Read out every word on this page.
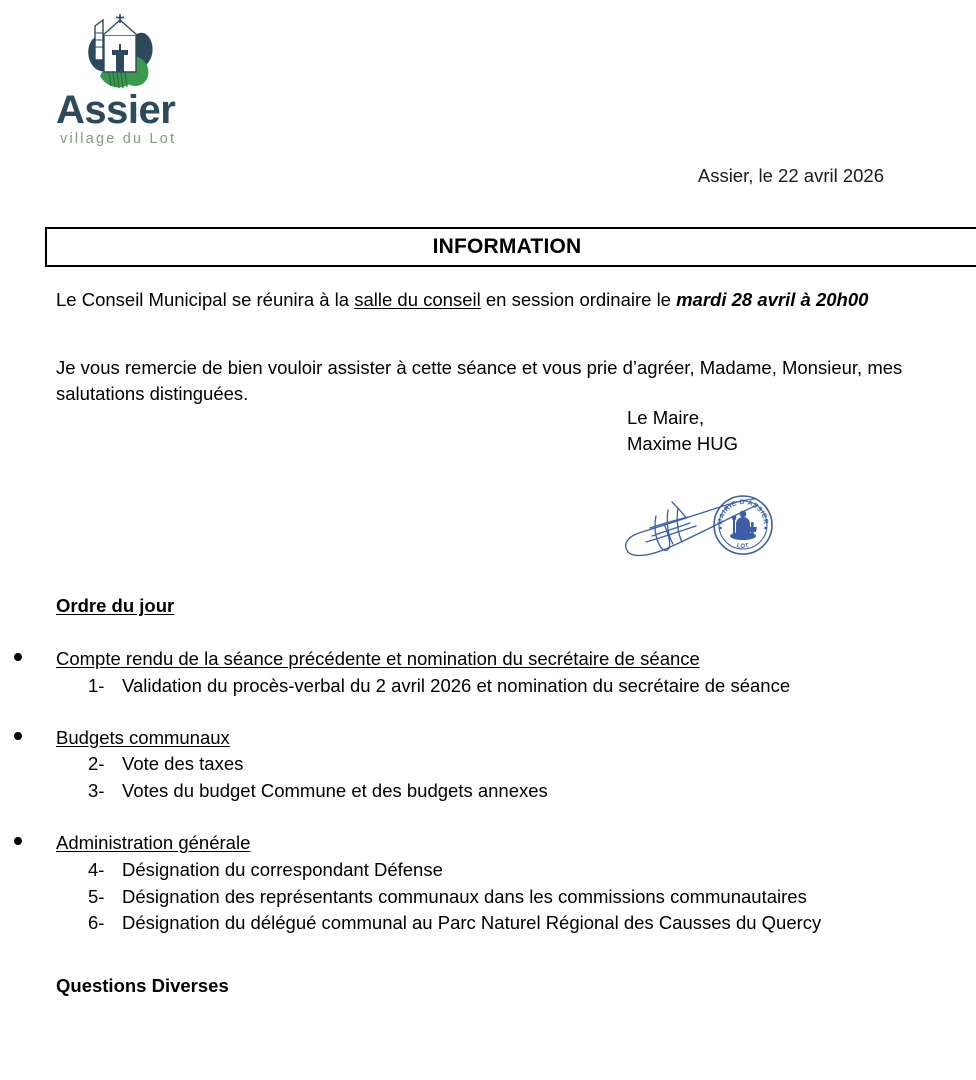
Assier
village du Lot
Assier, le 22 avril 2026
INFORMATION
Le Conseil Municipal se réunira à la salle du conseil en session ordinaire le mardi 28 avril à 20h00
Je vous remercie de bien vouloir assister à cette séance et vous prie d’agréer, Madame, Monsieur, mes salutations distinguées.
Le Maire,
Maxime HUG
MAIRIE D'ASSIER
LOT
Ordre du jour
Compte rendu de la séance précédente et nomination du secrétaire de séance
1- Validation du procès-verbal du 2 avril 2026 et nomination du secrétaire de séance
Budgets communaux
2- Vote des taxes
3- Votes du budget Commune et des budgets annexes
Administration générale
4- Désignation du correspondant Défense
5- Désignation des représentants communaux dans les commissions communautaires
6- Désignation du délégué communal au Parc Naturel Régional des Causses du Quercy
Questions Diverses
